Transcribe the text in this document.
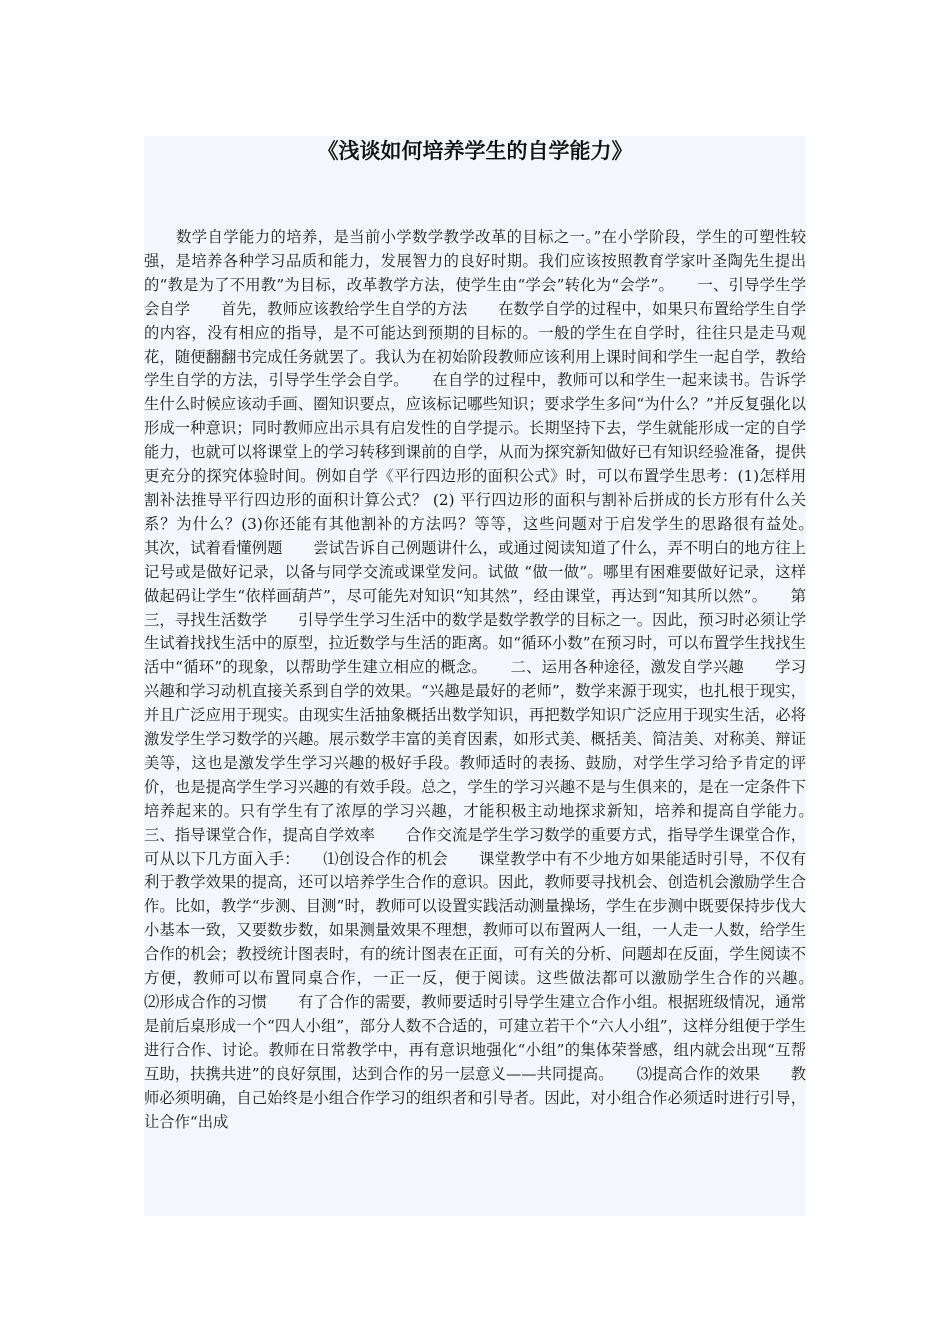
《浅谈如何培养学生的自学能力》

数学自学能力的培养，是当前小学数学教学改革的目标之一。”在小学阶段，学生的可塑性较强，是培养各种学习品质和能力，发展智力的良好时期。我们应该按照教育学家叶圣陶先生提出的“教是为了不用教”为目标，改革教学方法，使学生由“学会”转化为“会学”。　　一、引导学生学会自学　　首先，教师应该教给学生自学的方法　　在数学自学的过程中，如果只布置给学生自学的内容，没有相应的指导，是不可能达到预期的目标的。一般的学生在自学时，往往只是走马观花，随便翻翻书完成任务就罢了。我认为在初始阶段教师应该利用上课时间和学生一起自学，教给学生自学的方法，引导学生学会自学。　　在自学的过程中，教师可以和学生一起来读书。告诉学生什么时候应该动手画、圈知识要点，应该标记哪些知识；要求学生多问“为什么？”并反复强化以形成一种意识；同时教师应出示具有启发性的自学提示。长期坚持下去，学生就能形成一定的自学能力，也就可以将课堂上的学习转移到课前的自学，从而为探究新知做好已有知识经验准备，提供更充分的探究体验时间。例如自学《平行四边形的面积公式》时，可以布置学生思考：(1)怎样用割补法推导平行四边形的面积计算公式？ (2) 平行四边形的面积与割补后拼成的长方形有什么关系？为什么？(3)你还能有其他割补的方法吗？等等，这些问题对于启发学生的思路很有益处。　　其次，试着看懂例题　　尝试告诉自己例题讲什么，或通过阅读知道了什么，弄不明白的地方往上记号或是做好记录，以备与同学交流或课堂发问。试做 “做一做”。哪里有困难要做好记录，这样做起码让学生“依样画葫芦”，尽可能先对知识“知其然”，经由课堂，再达到“知其所以然”。　　第三，寻找生活数学　　引导学生学习生活中的数学是数学教学的目标之一。因此，预习时必须让学生试着找找生活中的原型，拉近数学与生活的距离。如“循环小数”在预习时，可以布置学生找找生活中“循环”的现象，以帮助学生建立相应的概念。　　二、运用各种途径，激发自学兴趣　　学习兴趣和学习动机直接关系到自学的效果。“兴趣是最好的老师”，数学来源于现实，也扎根于现实，并且广泛应用于现实。由现实生活抽象概括出数学知识，再把数学知识广泛应用于现实生活，必将激发学生学习数学的兴趣。展示数学丰富的美育因素，如形式美、概括美、简洁美、对称美、辩证美等，这也是激发学生学习兴趣的极好手段。教师适时的表扬、鼓励，对学生学习给予肯定的评价，也是提高学生学习兴趣的有效手段。总之，学生的学习兴趣不是与生俱来的，是在一定条件下培养起来的。只有学生有了浓厚的学习兴趣，才能积极主动地探求新知，培养和提高自学能力。　　三、指导课堂合作，提高自学效率　　合作交流是学生学习数学的重要方式，指导学生课堂合作，可从以下几方面入手：　　⑴创设合作的机会　　课堂教学中有不少地方如果能适时引导，不仅有利于教学效果的提高，还可以培养学生合作的意识。因此，教师要寻找机会、创造机会激励学生合作。比如，教学“步测、目测”时，教师可以设置实践活动测量操场，学生在步测中既要保持步伐大小基本一致，又要数步数，如果测量效果不理想，教师可以布置两人一组，一人走一人数，给学生合作的机会；教授统计图表时，有的统计图表在正面，可有关的分析、问题却在反面，学生阅读不方便，教师可以布置同桌合作，一正一反，便于阅读。这些做法都可以激励学生合作的兴趣。　　⑵形成合作的习惯　　有了合作的需要，教师要适时引导学生建立合作小组。根据班级情况，通常是前后桌形成一个“四人小组”，部分人数不合适的，可建立若干个“六人小组”，这样分组便于学生进行合作、讨论。教师在日常教学中，再有意识地强化“小组”的集体荣誉感，组内就会出现“互帮互助，扶携共进”的良好氛围，达到合作的另一层意义——共同提高。　　⑶提高合作的效果　　教师必须明确，自己始终是小组合作学习的组织者和引导者。因此，对小组合作必须适时进行引导，让合作“出成
